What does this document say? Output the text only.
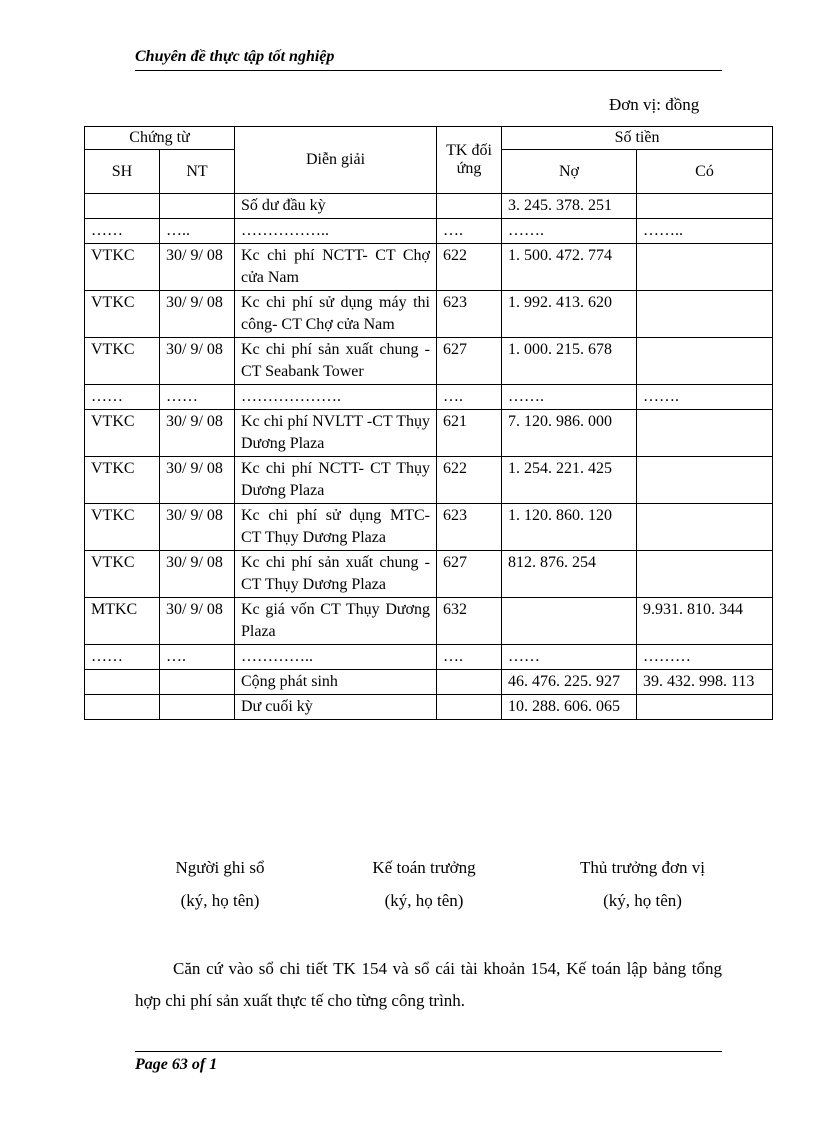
Chuyên đề thực tập tốt nghiệp
Đơn vị: đồng
Chứng từ		Diễn giải	TK đối ứng	Số tiền	
SH	NT			Nợ	Có
		Số dư đầu kỳ		3. 245. 378. 251	
……	…..	……………..	….	…….	……..
VTKC	30/ 9/ 08	Kc chi phí NCTT- CT Chợ cửa Nam	622	1. 500. 472. 774	
VTKC	30/ 9/ 08	Kc chi phí sử dụng máy thi công- CT Chợ cửa Nam	623	1. 992. 413. 620	
VTKC	30/ 9/ 08	Kc chi phí sản xuất chung -CT Seabank Tower	627	1. 000. 215. 678	
……	……	……………….	….	…….	…….
VTKC	30/ 9/ 08	Kc chi phí NVLTT -CT Thụy Dương Plaza	621	7. 120. 986. 000	
VTKC	30/ 9/ 08	Kc chi phí NCTT- CT Thụy Dương Plaza	622	1. 254. 221. 425	
VTKC	30/ 9/ 08	Kc chi phí sử dụng MTC- CT Thụy Dương Plaza	623	1. 120. 860. 120	
VTKC	30/ 9/ 08	Kc chi phí sản xuất chung - CT Thụy Dương Plaza	627	812. 876. 254	
MTKC	30/ 9/ 08	Kc giá vốn CT Thụy Dương Plaza	632		9.931. 810. 344
……	….	…………..	….	……	………
		Cộng phát sinh		46. 476. 225. 927	39. 432. 998. 113
		Dư cuối kỳ		10. 288. 606. 065	
Người ghi sổ	Kế toán trưởng	Thủ trưởng đơn vị
(ký, họ tên)	(ký, họ tên)	(ký, họ tên)
Căn cứ vào sổ chi tiết TK 154 và sổ cái tài khoản 154, Kế toán lập bảng tổng hợp chi phí sản xuất thực tế cho từng công trình.
Page 63 of 1
